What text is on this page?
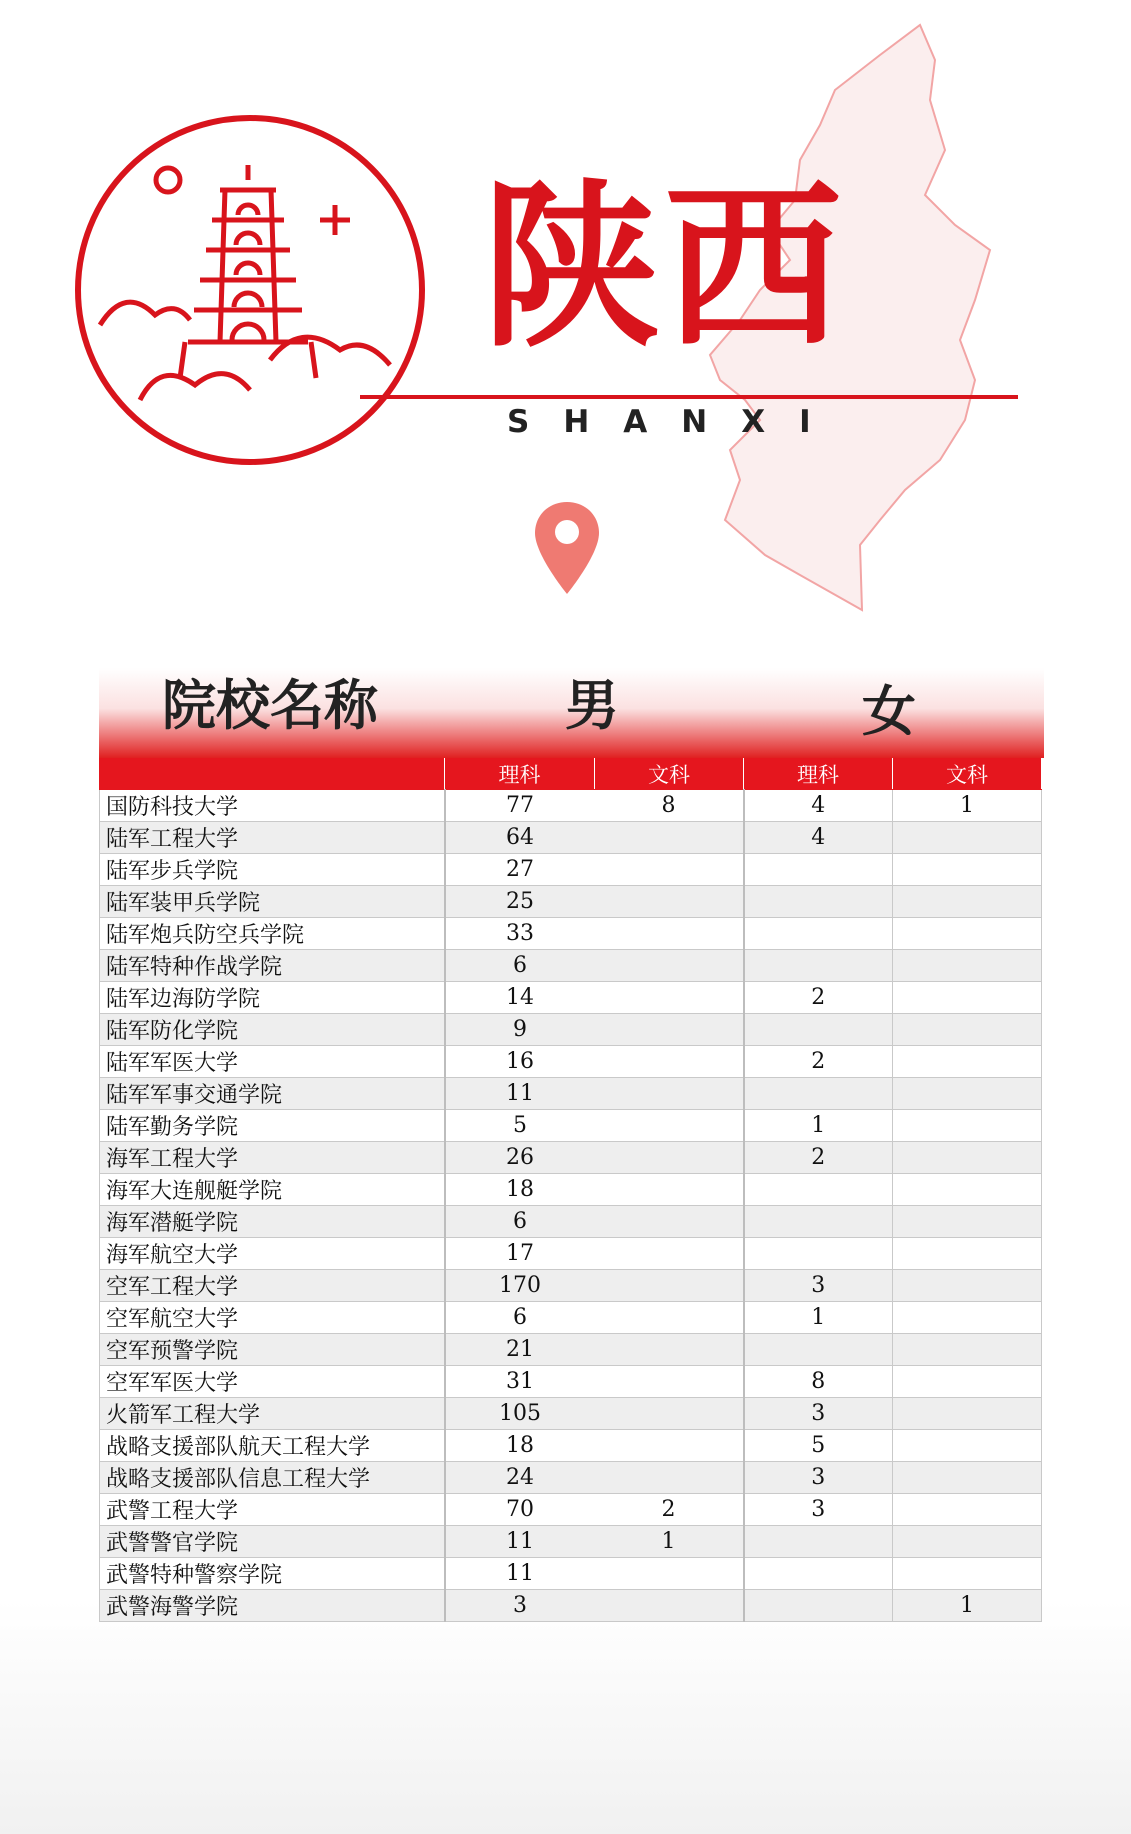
陕西
SHANXI
院校名称	男	女
	理科	文科	理科	文科
国防科技大学	77	8	4	1
陆军工程大学	64		4	
陆军步兵学院	27			
陆军装甲兵学院	25			
陆军炮兵防空兵学院	33			
陆军特种作战学院	6			
陆军边海防学院	14		2	
陆军防化学院	9			
陆军军医大学	16		2	
陆军军事交通学院	11			
陆军勤务学院	5		1	
海军工程大学	26		2	
海军大连舰艇学院	18			
海军潜艇学院	6			
海军航空大学	17			
空军工程大学	170		3	
空军航空大学	6		1	
空军预警学院	21			
空军军医大学	31		8	
火箭军工程大学	105		3	
战略支援部队航天工程大学	18		5	
战略支援部队信息工程大学	24		3	
武警工程大学	70	2	3	
武警警官学院	11	1		
武警特种警察学院	11			
武警海警学院	3			1
